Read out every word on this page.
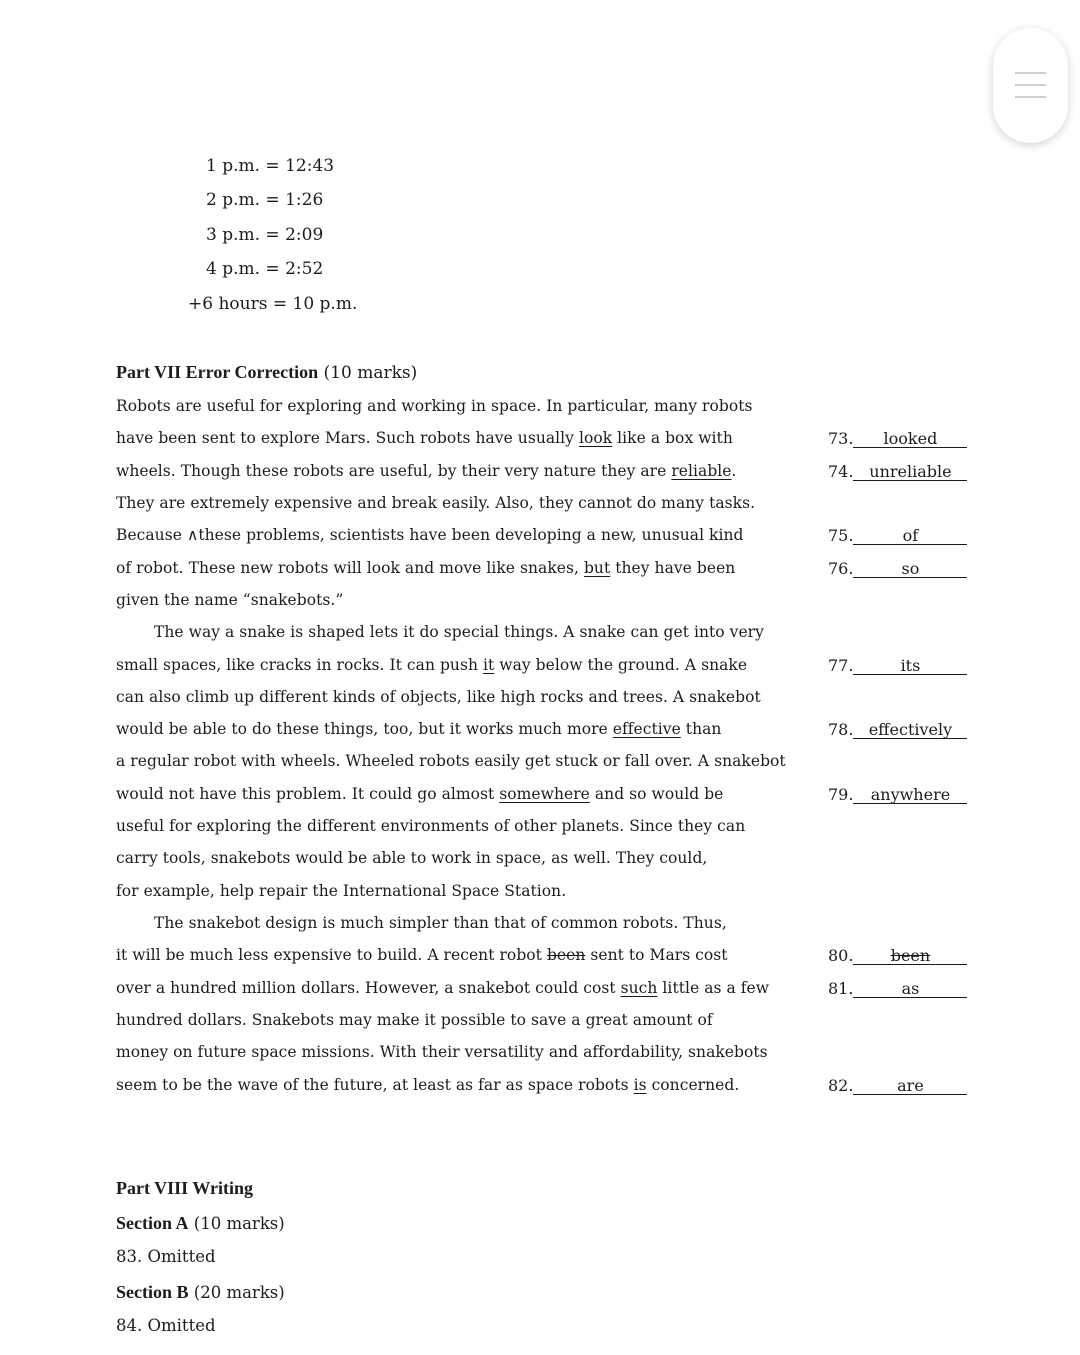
1 p.m. = 12:43
2 p.m. = 1:26
3 p.m. = 2:09
4 p.m. = 2:52
+6 hours = 10 p.m.
Part VII Error Correction (10 marks)
Robots are useful for exploring and working in space. In particular, many robots
have been sent to explore Mars. Such robots have usually look like a box with
wheels. Though these robots are useful, by their very nature they are reliable.
They are extremely expensive and break easily. Also, they cannot do many tasks.
Because ∧these problems, scientists have been developing a new, unusual kind
of robot. These new robots will look and move like snakes, but they have been
given the name “snakebots.”
The way a snake is shaped lets it do special things. A snake can get into very
small spaces, like cracks in rocks. It can push it way below the ground. A snake
can also climb up different kinds of objects, like high rocks and trees. A snakebot
would be able to do these things, too, but it works much more effective than
a regular robot with wheels. Wheeled robots easily get stuck or fall over. A snakebot
would not have this problem. It could go almost somewhere and so would be
useful for exploring the different environments of other planets. Since they can
carry tools, snakebots would be able to work in space, as well. They could,
for example, help repair the International Space Station.
The snakebot design is much simpler than that of common robots. Thus,
it will be much less expensive to build. A recent robot been sent to Mars cost
over a hundred million dollars. However, a snakebot could cost such little as a few
hundred dollars. Snakebots may make it possible to save a great amount of
money on future space missions. With their versatility and affordability, snakebots
seem to be the wave of the future, at least as far as space robots is concerned.
73.	looked
74. unreliable
75.	of
76.	so
77.	its
78. effectively
79.	anywhere
80.	been
81.	as
82.	are
Part VIII Writing
Section A (10 marks)
83. Omitted
Section B (20 marks)
84. Omitted
